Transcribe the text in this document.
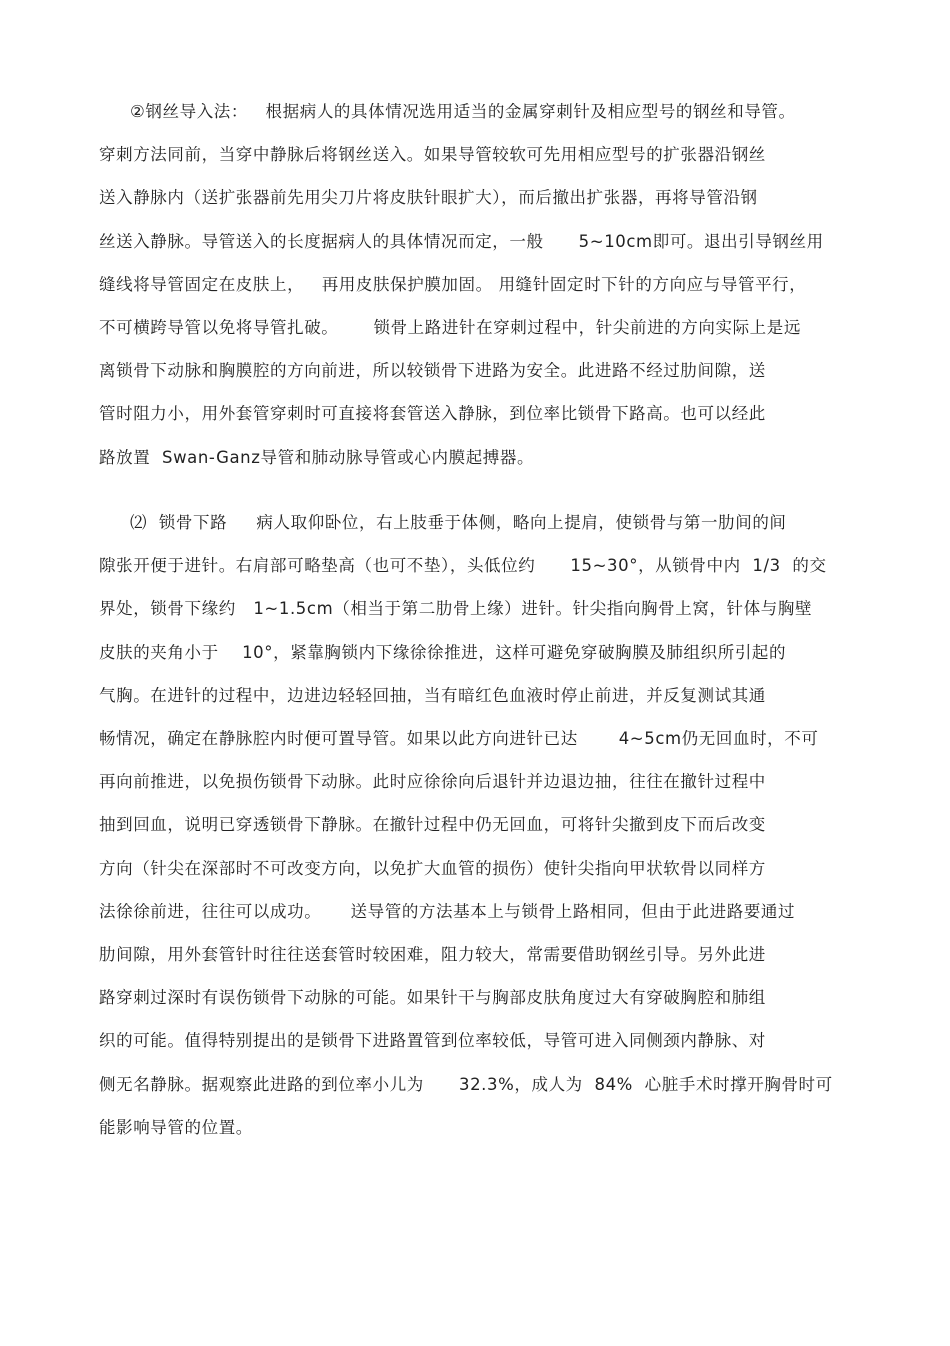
②钢丝导入法：   根据病人的具体情况选用适当的金属穿刺针及相应型号的钢丝和导管。
穿刺方法同前，当穿中静脉后将钢丝送入。如果导管较软可先用相应型号的扩张器沿钢丝
送入静脉内（送扩张器前先用尖刀片将皮肤针眼扩大），而后撤出扩张器，再将导管沿钢
丝送入静脉。导管送入的长度据病人的具体情况而定，一般      5~10cm即可。退出引导钢丝用
缝线将导管固定在皮肤上，   再用皮肤保护膜加固。 用缝针固定时下针的方向应与导管平行，
不可横跨导管以免将导管扎破。      锁骨上路进针在穿刺过程中，针尖前进的方向实际上是远
离锁骨下动脉和胸膜腔的方向前进，所以较锁骨下进路为安全。此进路不经过肋间隙，送
管时阻力小，用外套管穿刺时可直接将套管送入静脉，到位率比锁骨下路高。也可以经此
路放置  Swan-Ganz导管和肺动脉导管或心内膜起搏器。
⑵  锁骨下路     病人取仰卧位，右上肢垂于体侧，略向上提肩，使锁骨与第一肋间的间
隙张开便于进针。右肩部可略垫高（也可不垫），头低位约      15~30°，从锁骨中内  1/3  的交
界处，锁骨下缘约   1~1.5cm（相当于第二肋骨上缘）进针。针尖指向胸骨上窝，针体与胸壁
皮肤的夹角小于    10°，紧靠胸锁内下缘徐徐推进，这样可避免穿破胸膜及肺组织所引起的
气胸。在进针的过程中，边进边轻轻回抽，当有暗红色血液时停止前进，并反复测试其通
畅情况，确定在静脉腔内时便可置导管。如果以此方向进针已达       4~5cm仍无回血时，不可
再向前推进，以免损伤锁骨下动脉。此时应徐徐向后退针并边退边抽，往往在撤针过程中
抽到回血，说明已穿透锁骨下静脉。在撤针过程中仍无回血，可将针尖撤到皮下而后改变
方向（针尖在深部时不可改变方向，以免扩大血管的损伤）使针尖指向甲状软骨以同样方
法徐徐前进，往往可以成功。     送导管的方法基本上与锁骨上路相同，但由于此进路要通过
肋间隙，用外套管针时往往送套管时较困难，阻力较大，常需要借助钢丝引导。另外此进
路穿刺过深时有误伤锁骨下动脉的可能。如果针干与胸部皮肤角度过大有穿破胸腔和肺组
织的可能。值得特别提出的是锁骨下进路置管到位率较低，导管可进入同侧颈内静脉、对
侧无名静脉。据观察此进路的到位率小儿为      32.3%，成人为  84%  心脏手术时撑开胸骨时可
能影响导管的位置。
